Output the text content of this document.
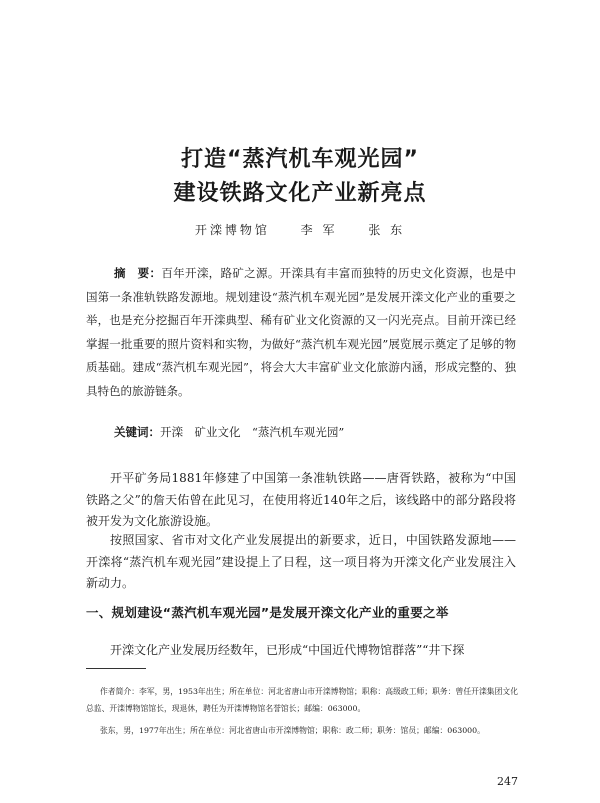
打造“蒸汽机车观光园”
建设铁路文化产业新亮点
开滦博物馆	李 军	张 东
摘　要：百年开滦，路矿之源。开滦具有丰富而独特的历史文化资源，也是中国第一条准轨铁路发源地。规划建设“蒸汽机车观光园”是发展开滦文化产业的重要之举，也是充分挖掘百年开滦典型、稀有矿业文化资源的又一闪光亮点。目前开滦已经掌握一批重要的照片资料和实物，为做好“蒸汽机车观光园”展览展示奠定了足够的物质基础。建成“蒸汽机车观光园”，将会大大丰富矿业文化旅游内涵，形成完整的、独具特色的旅游链条。
关键词：开滦　矿业文化　“蒸汽机车观光园”
开平矿务局1881年修建了中国第一条准轨铁路——唐胥铁路，被称为“中国铁路之父”的詹天佑曾在此见习，在使用将近140年之后，该线路中的部分路段将被开发为文化旅游设施。
按照国家、省市对文化产业发展提出的新要求，近日，中国铁路发源地——开滦将“蒸汽机车观光园”建设提上了日程，这一项目将为开滦文化产业发展注入新动力。
一、规划建设“蒸汽机车观光园”是发展开滦文化产业的重要之举
开滦文化产业发展历经数年，已形成“中国近代博物馆群落”“井下探
作者简介：李军，男，1953年出生；所在单位：河北省唐山市开滦博物馆；职称：高级政工师；职务：曾任开滦集团文化总监、开滦博物馆馆长，现退休，聘任为开滦博物馆名誉馆长；邮编：063000。
张东，男，1977年出生；所在单位：河北省唐山市开滦博物馆；职称：政二师；职务：馆员；邮编：063000。
247
